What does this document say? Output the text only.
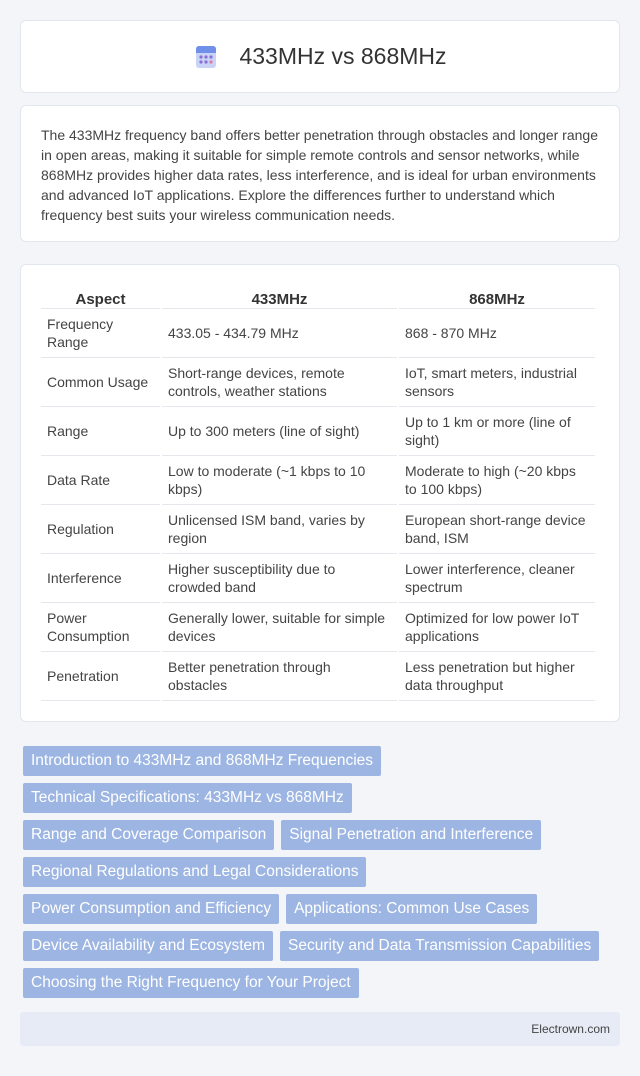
433MHz vs 868MHz

The 433MHz frequency band offers better penetration through obstacles and longer range in open areas, making it suitable for simple remote controls and sensor networks, while 868MHz provides higher data rates, less interference, and is ideal for urban environments and advanced IoT applications. Explore the differences further to understand which frequency best suits your wireless communication needs.

Aspect	433MHz	868MHz
Frequency Range	433.05 - 434.79 MHz	868 - 870 MHz
Common Usage	Short-range devices, remote controls, weather stations	IoT, smart meters, industrial sensors
Range	Up to 300 meters (line of sight)	Up to 1 km or more (line of sight)
Data Rate	Low to moderate (~1 kbps to 10 kbps)	Moderate to high (~20 kbps to 100 kbps)
Regulation	Unlicensed ISM band, varies by region	European short-range device band, ISM
Interference	Higher susceptibility due to crowded band	Lower interference, cleaner spectrum
Power Consumption	Generally lower, suitable for simple devices	Optimized for low power IoT applications
Penetration	Better penetration through obstacles	Less penetration but higher data throughput
Introduction to 433MHz and 868MHz Frequencies
Technical Specifications: 433MHz vs 868MHz
Range and Coverage Comparison	Signal Penetration and Interference
Regional Regulations and Legal Considerations
Power Consumption and Efficiency	Applications: Common Use Cases
Device Availability and Ecosystem	Security and Data Transmission Capabilities
Choosing the Right Frequency for Your Project
Electrown.com
